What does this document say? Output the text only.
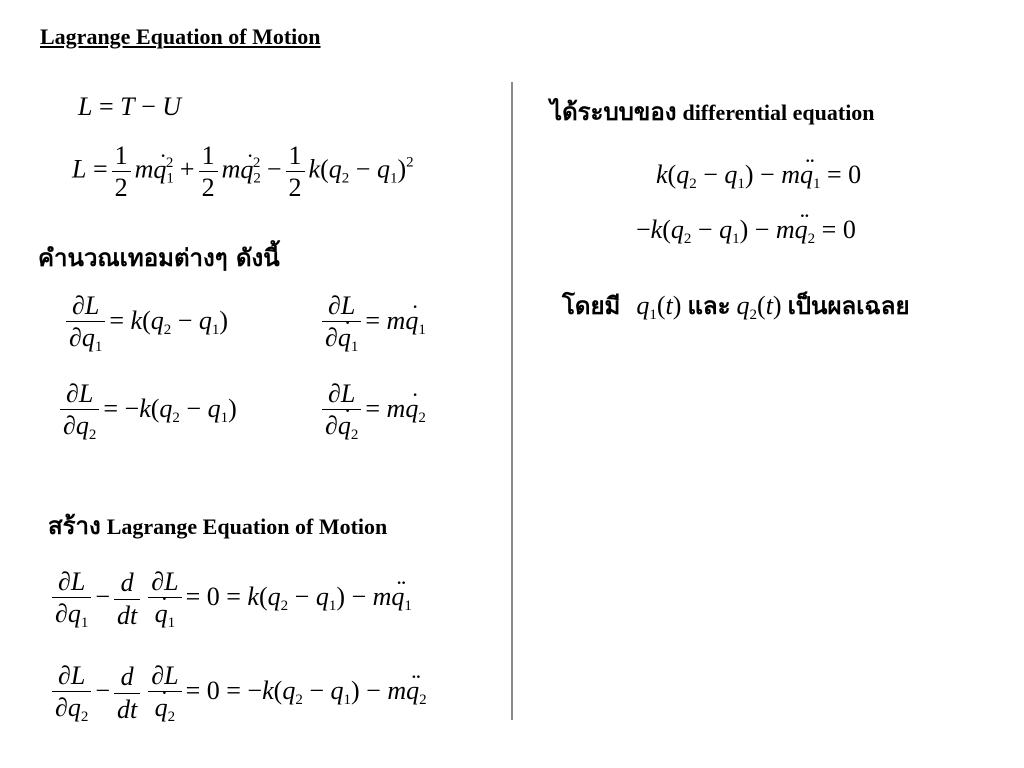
Lagrange Equation of Motion
L = T − U
$L = \frac{1}{2}$ mq $._1^2 + \frac{1}{2}$ mq $._2^2 - \frac{1}{2} k(q_2 - q_1)^2$
คำนวณเทอมต่างๆ ดังนี้
$\frac{\partial L}{\partial q_1} = k(q_2 - q_1)$	$\frac{\partial L}{\partial q ._1}$ = mq $._1$
$\frac{\partial L}{\partial q_2} = -k(q_2 - q_1)$	$\frac{\partial L}{\partial q ._2}$ = mq $._2$
สร้าง Lagrange Equation of Motion
$\frac{\partial L}{\partial q_1} - \frac{d}{dt} \frac{\partial L}{q ._1} = 0 = k(q_2 - q_1)$ − mq $.._1$
$\frac{\partial L}{\partial q_2} - \frac{d}{dt} \frac{\partial L}{q ._2} = 0 = -k(q_2 - q_1)$ − mq $.._2$
ได้ระบบของ differential equation
$k(q_2 - q_1)$ − mq $.._1 = 0$
$-k(q_2 - q_1)$ − mq $.._2 = 0$
โดยมี $q_1(t)$ และ $q_2(t)$ เป็นผลเฉลย
